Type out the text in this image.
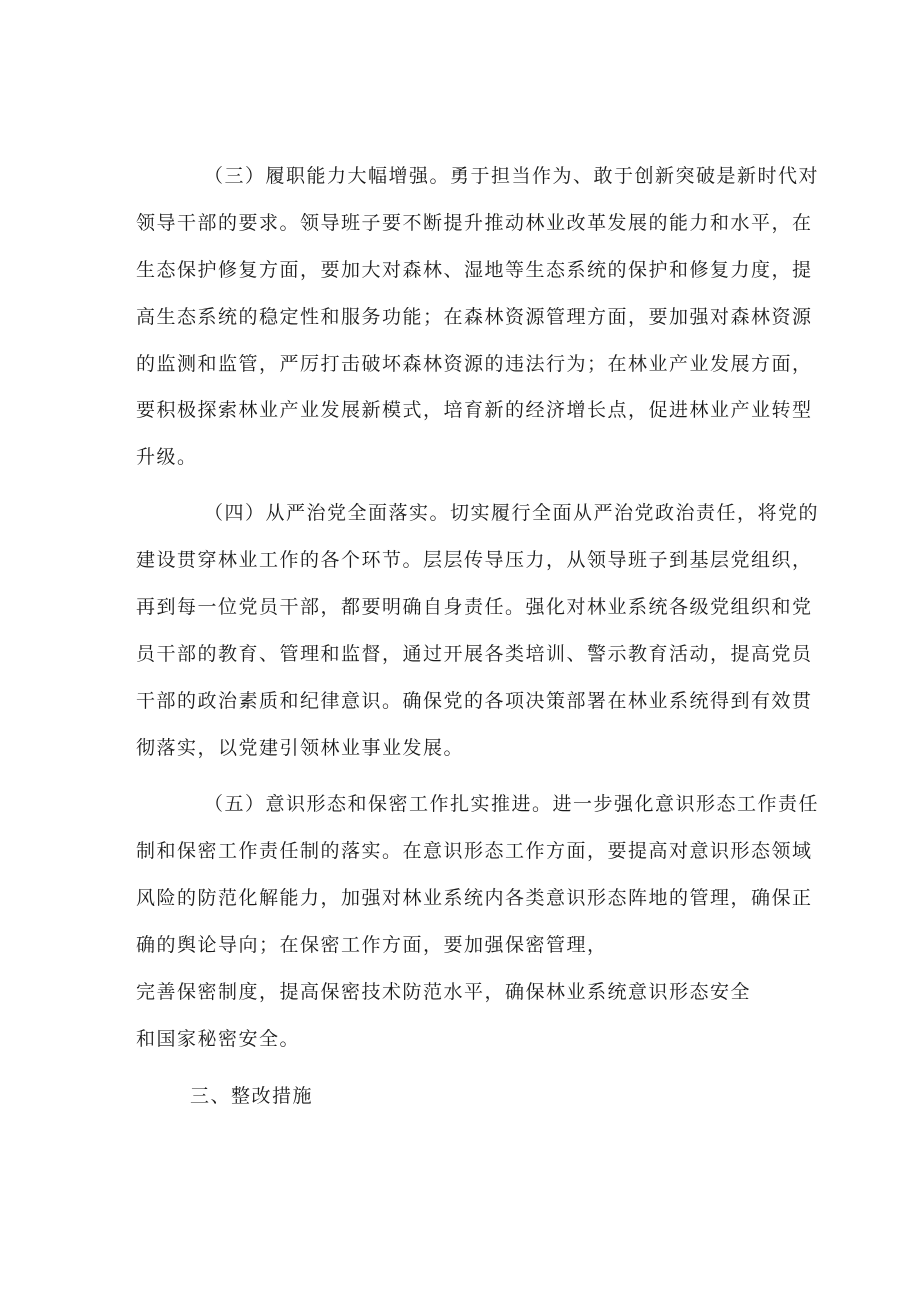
（三）履职能力大幅增强。勇于担当作为、敢于创新突破是新时代对
领导干部的要求。领导班子要不断提升推动林业改革发展的能力和水平，在
生态保护修复方面，要加大对森林、湿地等生态系统的保护和修复力度，提
高生态系统的稳定性和服务功能；在森林资源管理方面，要加强对森林资源
的监测和监管，严厉打击破坏森林资源的违法行为；在林业产业发展方面，
要积极探索林业产业发展新模式，培育新的经济增长点，促进林业产业转型
升级。
（四）从严治党全面落实。切实履行全面从严治党政治责任，将党的
建设贯穿林业工作的各个环节。层层传导压力，从领导班子到基层党组织，
再到每一位党员干部，都要明确自身责任。强化对林业系统各级党组织和党
员干部的教育、管理和监督，通过开展各类培训、警示教育活动，提高党员
干部的政治素质和纪律意识。确保党的各项决策部署在林业系统得到有效贯
彻落实，以党建引领林业事业发展。
（五）意识形态和保密工作扎实推进。进一步强化意识形态工作责任
制和保密工作责任制的落实。在意识形态工作方面，要提高对意识形态领域
风险的防范化解能力，加强对林业系统内各类意识形态阵地的管理，确保正
确的舆论导向；在保密工作方面，要加强保密管理，
完善保密制度，提高保密技术防范水平，确保林业系统意识形态安全
和国家秘密安全。
三、整改措施
